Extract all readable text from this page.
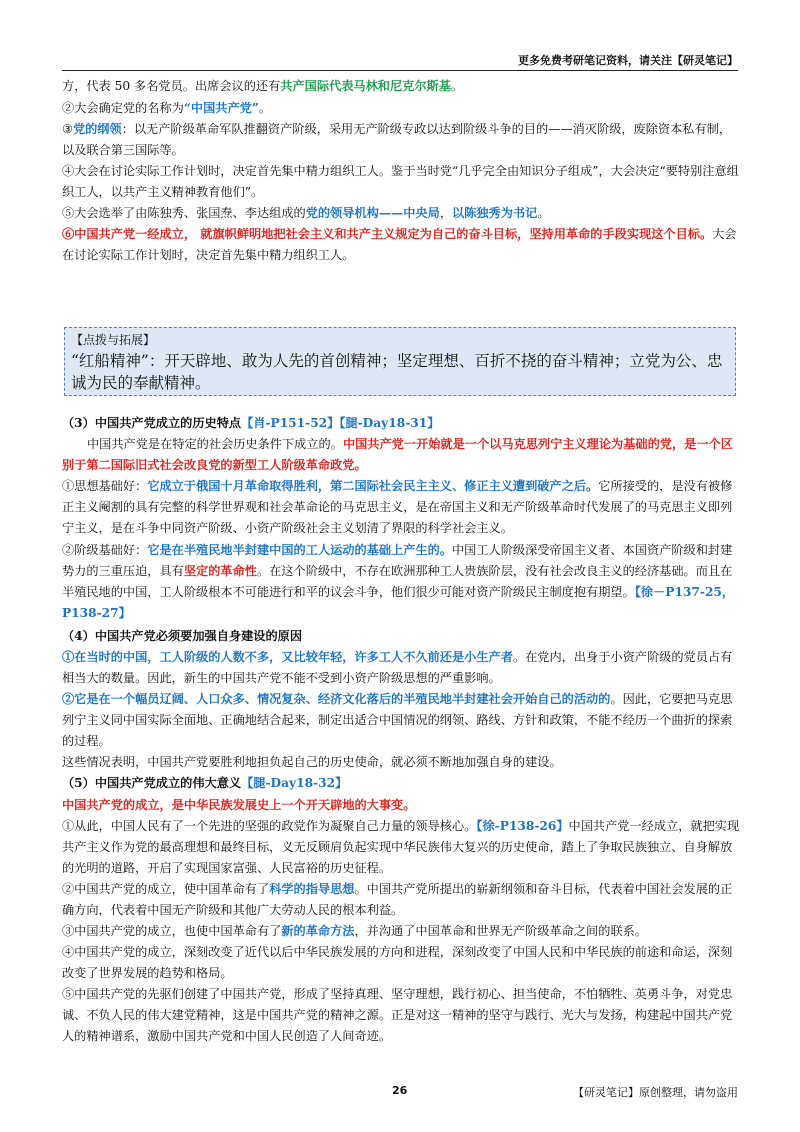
更多免费考研笔记资料，请关注【研灵笔记】

方，代表 50 多名党员。出席会议的还有共产国际代表马林和尼克尔斯基。

②大会确定党的名称为“中国共产党”。

③党的纲领：以无产阶级革命军队推翻资产阶级，采用无产阶级专政以达到阶级斗争的目的——消灭阶级，废除资本私有制，以及联合第三国际等。

④大会在讨论实际工作计划时，决定首先集中精力组织工人。鉴于当时党“几乎完全由知识分子组成”，大会决定“要特别注意组织工人，以共产主义精神教育他们”。

⑤大会选举了由陈独秀、张国焘、李达组成的党的领导机构——中央局，以陈独秀为书记。

⑥中国共产党一经成立， 就旗帜鲜明地把社会主义和共产主义规定为自己的奋斗目标，坚持用革命的手段实现这个目标。大会在讨论实际工作计划时，决定首先集中精力组织工人。

【点拨与拓展】
“红船精神”：开天辟地、敢为人先的首创精神；坚定理想、百折不挠的奋斗精神；立党为公、忠诚为民的奉献精神。

（3）中国共产党成立的历史特点【肖-P151-52】【腿-Day18-31】

中国共产党是在特定的社会历史条件下成立的。中国共产党一开始就是一个以马克思列宁主义理论为基础的党，是一个区别于第二国际旧式社会改良党的新型工人阶级革命政党。

①思想基础好：它成立于俄国十月革命取得胜利，第二国际社会民主主义、修正主义遭到破产之后。它所接受的，是没有被修正主义阉割的具有完整的科学世界观和社会革命论的马克思主义，是在帝国主义和无产阶级革命时代发展了的马克思主义即列宁主义，是在斗争中同资产阶级、小资产阶级社会主义划清了界限的科学社会主义。

②阶级基础好：它是在半殖民地半封建中国的工人运动的基础上产生的。中国工人阶级深受帝国主义者、本国资产阶级和封建势力的三重压迫，具有坚定的革命性。在这个阶级中，不存在欧洲那种工人贵族阶层，没有社会改良主义的经济基础。而且在半殖民地的中国，工人阶级根本不可能进行和平的议会斗争，他们很少可能对资产阶级民主制度抱有期望。【徐－P137-25，P138-27】

（4）中国共产党必须要加强自身建设的原因

①在当时的中国，工人阶级的人数不多，又比较年轻，许多工人不久前还是小生产者。在党内，出身于小资产阶级的党员占有相当大的数量。因此，新生的中国共产党不能不受到小资产阶级思想的严重影响。

②它是在一个幅员辽阔、人口众多、情况复杂、经济文化落后的半殖民地半封建社会开始自己的活动的。因此，它要把马克思列宁主义同中国实际全面地、正确地结合起来，制定出适合中国情况的纲领、路线、方针和政策，不能不经历一个曲折的探索的过程。

这些情况表明，中国共产党要胜利地担负起自己的历史使命，就必须不断地加强自身的建设。

（5）中国共产党成立的伟大意义【腿-Day18-32】

中国共产党的成立，是中华民族发展史上一个开天辟地的大事变。

①从此，中国人民有了一个先进的坚强的政党作为凝聚自己力量的领导核心。【徐-P138-26】中国共产党一经成立，就把实现共产主义作为党的最高理想和最终目标，义无反顾肩负起实现中华民族伟大复兴的历史使命，踏上了争取民族独立、自身解放的光明的道路，开启了实现国家富强、人民富裕的历史征程。

②中国共产党的成立，使中国革命有了科学的指导思想。中国共产党所提出的崭新纲领和奋斗目标，代表着中国社会发展的正确方向，代表着中国无产阶级和其他广大劳动人民的根本利益。

③中国共产党的成立，也使中国革命有了新的革命方法，并沟通了中国革命和世界无产阶级革命之间的联系。

④中国共产党的成立，深刻改变了近代以后中华民族发展的方向和进程，深刻改变了中国人民和中华民族的前途和命运，深刻改变了世界发展的趋势和格局。

⑤中国共产党的先驱们创建了中国共产党，形成了坚持真理、坚守理想，践行初心、担当使命，不怕牺牲、英勇斗争，对党忠诚、不负人民的伟大建党精神，这是中国共产党的精神之源。正是对这一精神的坚守与践行、光大与发扬，构建起中国共产党人的精神谱系，激励中国共产党和中国人民创造了人间奇迹。

26	【研灵笔记】原创整理，请勿盗用
